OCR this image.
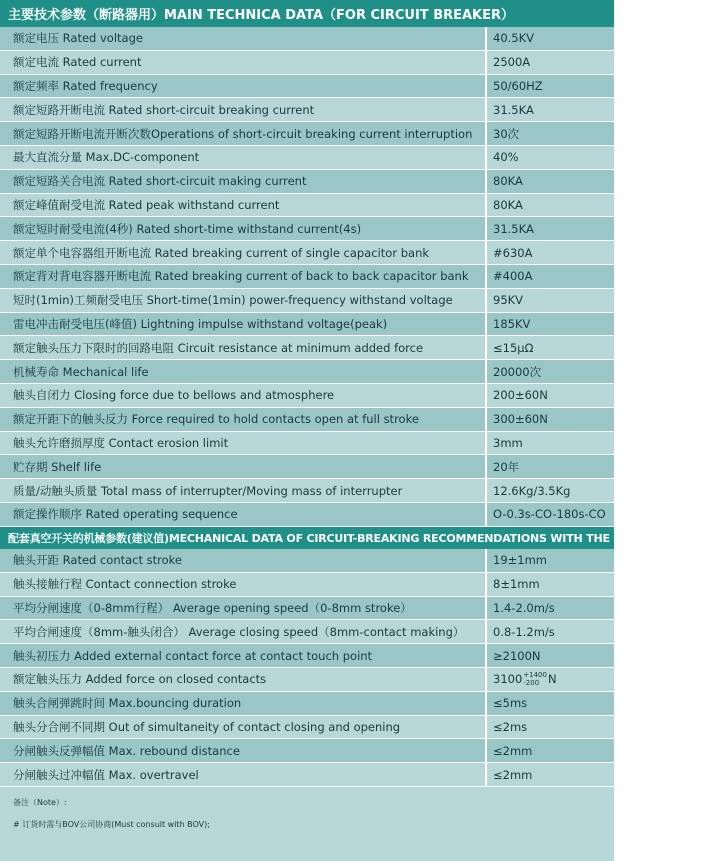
主要技术参数（断路器用）MAIN TECHNICA DATA（FOR CIRCUIT BREAKER）
额定电压 Rated voltage	40.5KV
额定电流 Rated current	2500A
额定频率 Rated frequency	50/60HZ
额定短路开断电流 Rated short-circuit breaking current	31.5KA
额定短路开断电流开断次数Operations of short-circuit breaking current interruption	30次
最大直流分量 Max.DC-component	40%
额定短路关合电流 Rated short-circuit making current	80KA
额定峰值耐受电流 Rated peak withstand current	80KA
额定短时耐受电流(4秒) Rated short-time withstand current(4s)	31.5KA
额定单个电容器组开断电流 Rated breaking current of single capacitor bank	#630A
额定背对背电容器开断电流 Rated breaking current of back to back capacitor bank	#400A
短时(1min)工频耐受电压 Short-time(1min) power-frequency withstand voltage	95KV
雷电冲击耐受电压(峰值) Lightning impulse withstand voltage(peak)	185KV
额定触头压力下限时的回路电阻 Circuit resistance at minimum added force	≤15μΩ
机械寿命 Mechanical life	20000次
触头自闭力 Closing force due to bellows and atmosphere	200±60N
额定开距下的触头反力 Force required to hold contacts open at full stroke	300±60N
触头允许磨损厚度 Contact erosion limit	3mm
贮存期 Shelf life	20年
质量/动触头质量 Total mass of interrupter/Moving mass of interrupter	12.6Kg/3.5Kg
额定操作顺序 Rated operating sequence	O-0.3s-CO-180s-CO
配套真空开关的机械参数(建议值)MECHANICAL DATA OF CIRCUIT-BREAKING RECOMMENDATIONS WITH THE INTERRUPTERS
触头开距 Rated contact stroke	19±1mm
触头接触行程 Contact connection stroke	8±1mm
平均分闸速度（0-8mm行程） Average opening speed（0-8mm stroke）	1.4-2.0m/s
平均合闸速度（8mm-触头闭合） Average closing speed（8mm-contact making）	0.8-1.2m/s
触头初压力 Added external contact force at contact touch point	≥2100N
额定触头压力 Added force on closed contacts	3100 +1400
-200 N
触头合闸弹跳时间 Max.bouncing duration	≤5ms
触头分合闸不同期 Out of simultaneity of contact closing and opening	≤2ms
分闸触头反弹幅值 Max. rebound distance	≤2mm
分闸触头过冲幅值 Max. overtravel	≤2mm
备注（Note）:
# 订货时需与BOV公司协商(Must consult with BOV);
